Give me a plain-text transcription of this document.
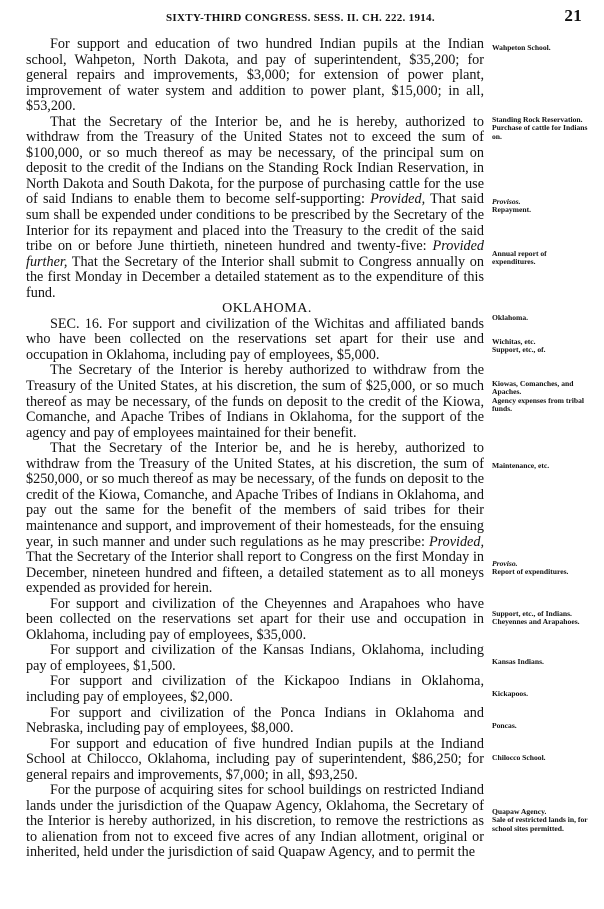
SIXTY-THIRD CONGRESS. SESS. II. CH. 222. 1914.	21

For support and education of two hundred Indian pupils at the Indian school, Wahpeton, North Dakota, and pay of superintendent, $35,200; for general repairs and improvements, $3,000; for extension of power plant, improvement of water system and addition to power plant, $15,000; in all, $53,200.

That the Secretary of the Interior be, and he is hereby, authorized to withdraw from the Treasury of the United States not to exceed the sum of $100,000, or so much thereof as may be necessary, of the principal sum on deposit to the credit of the Indians on the Standing Rock Indian Reservation, in North Dakota and South Dakota, for the purpose of purchasing cattle for the use of said Indians to enable them to become self-supporting: Provided, That said sum shall be expended under conditions to be prescribed by the Secretary of the Interior for its repayment and placed into the Treasury to the credit of the said tribe on or before June thirtieth, nineteen hundred and twenty-five: Provided further, That the Secretary of the Interior shall submit to Congress annually on the first Monday in December a detailed statement as to the expenditure of this fund.

OKLAHOMA.

SEC. 16. For support and civilization of the Wichitas and affiliated bands who have been collected on the reservations set apart for their use and occupation in Oklahoma, including pay of employees, $5,000.

The Secretary of the Interior is hereby authorized to withdraw from the Treasury of the United States, at his discretion, the sum of $25,000, or so much thereof as may be necessary, of the funds on deposit to the credit of the Kiowa, Comanche, and Apache Tribes of Indians in Oklahoma, for the support of the agency and pay of employees maintained for their benefit.

That the Secretary of the Interior be, and he is hereby, authorized to withdraw from the Treasury of the United States, at his discretion, the sum of $250,000, or so much thereof as may be necessary, of the funds on deposit to the credit of the Kiowa, Comanche, and Apache Tribes of Indians in Oklahoma, and pay out the same for the benefit of the members of said tribes for their maintenance and support, and improvement of their homesteads, for the ensuing year, in such manner and under such regulations as he may prescribe: Provided, That the Secretary of the Interior shall report to Congress on the first Monday in December, nineteen hundred and fifteen, a detailed statement as to all moneys expended as provided for herein.

For support and civilization of the Cheyennes and Arapahoes who have been collected on the reservations set apart for their use and occupation in Oklahoma, including pay of employees, $35,000.

For support and civilization of the Kansas Indians, Oklahoma, including pay of employees, $1,500.

For support and civilization of the Kickapoo Indians in Oklahoma, including pay of employees, $2,000.

For support and civilization of the Ponca Indians in Oklahoma and Nebraska, including pay of employees, $8,000.

For support and education of five hundred Indian pupils at the Indiand School at Chilocco, Oklahoma, including pay of superintendent, $86,250; for general repairs and improvements, $7,000; in all, $93,250.

For the purpose of acquiring sites for school buildings on restricted Indiand lands under the jurisdiction of the Quapaw Agency, Oklahoma, the Secretary of the Interior is hereby authorized, in his discretion, to remove the restrictions as to alienation from not to exceed five acres of any Indian allotment, original or inherited, held under the jurisdiction of said Quapaw Agency, and to permit the

Wahpeton School.
Standing Rock Reservation.
Purchase of cattle for Indians on.
Provisos.
Repayment.
Annual report of expenditures.
Oklahoma.
Wichitas, etc.
Support, etc., of.
Kiowas, Comanches, and Apaches.
Agency expenses from tribal funds.
Maintenance, etc.
Proviso.
Report of expenditures.
Support, etc., of Indians.
Cheyennes and Arapahoes.
Kansas Indians.
Kickapoos.
Poncas.
Chilocco School.
Quapaw Agency.
Sale of restricted lands in, for school sites permitted.
